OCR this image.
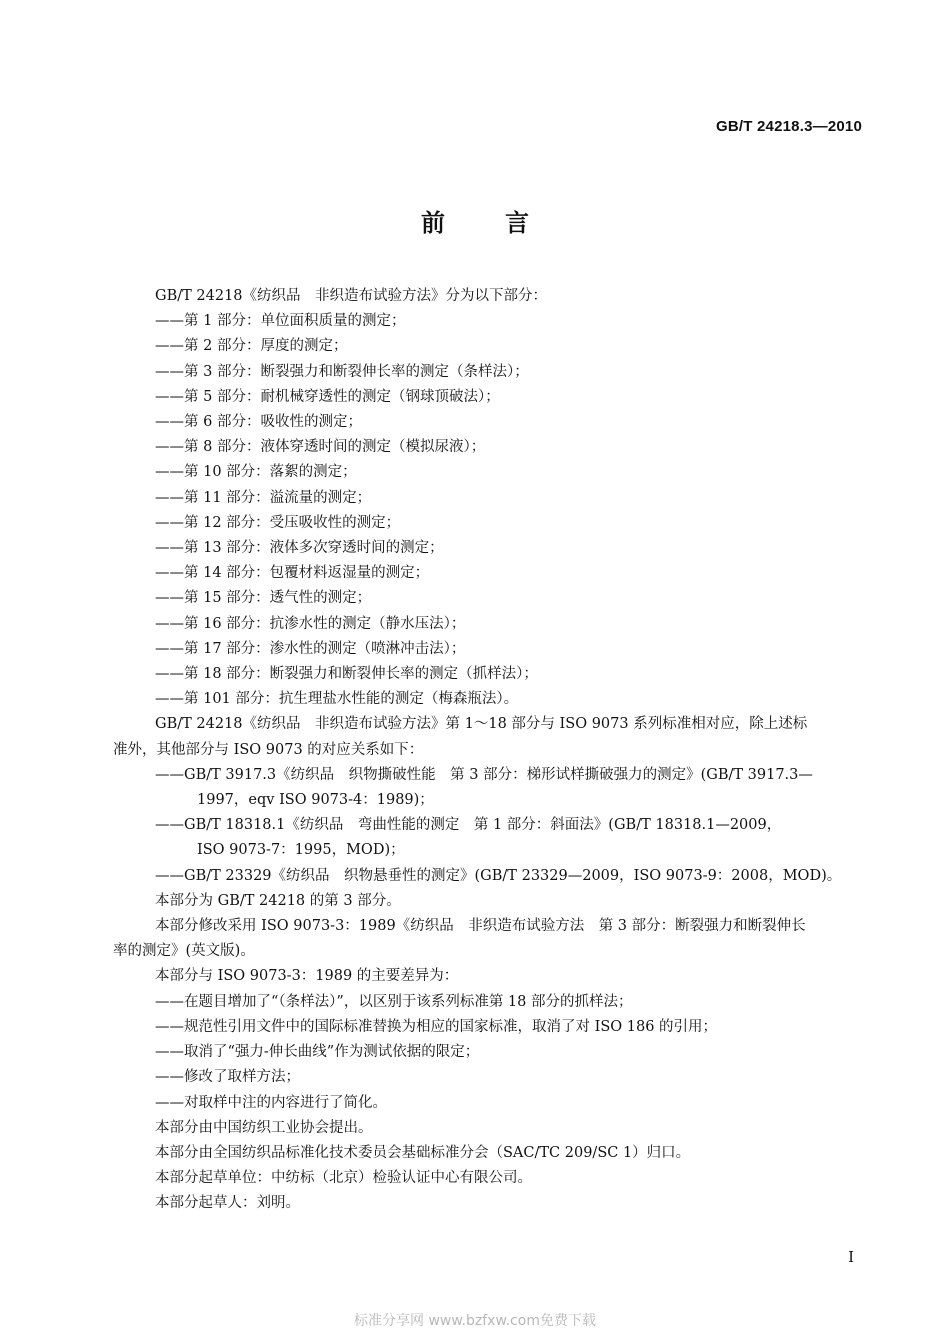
GB/T 24218.3—2010
前言
GB/T 24218《纺织品　非织造布试验方法》分为以下部分：
——第 1 部分：单位面积质量的测定；
——第 2 部分：厚度的测定；
——第 3 部分：断裂强力和断裂伸长率的测定（条样法）；
——第 5 部分：耐机械穿透性的测定（钢球顶破法）；
——第 6 部分：吸收性的测定；
——第 8 部分：液体穿透时间的测定（模拟尿液）；
——第 10 部分：落絮的测定；
——第 11 部分：溢流量的测定；
——第 12 部分：受压吸收性的测定；
——第 13 部分：液体多次穿透时间的测定；
——第 14 部分：包覆材料返湿量的测定；
——第 15 部分：透气性的测定；
——第 16 部分：抗渗水性的测定（静水压法）；
——第 17 部分：渗水性的测定（喷淋冲击法）；
——第 18 部分：断裂强力和断裂伸长率的测定（抓样法）；
——第 101 部分：抗生理盐水性能的测定（梅森瓶法）。
GB/T 24218《纺织品　非织造布试验方法》第 1～18 部分与 ISO 9073 系列标准相对应，除上述标
准外，其他部分与 ISO 9073 的对应关系如下：
——GB/T 3917.3《纺织品　织物撕破性能　第 3 部分：梯形试样撕破强力的测定》(GB/T 3917.3—
1997，eqv ISO 9073-4：1989)；
——GB/T 18318.1《纺织品　弯曲性能的测定　第 1 部分：斜面法》(GB/T 18318.1—2009，
ISO 9073-7：1995，MOD)；
——GB/T 23329《纺织品　织物悬垂性的测定》(GB/T 23329—2009，ISO 9073-9：2008，MOD)。
本部分为 GB/T 24218 的第 3 部分。
本部分修改采用 ISO 9073-3：1989《纺织品　非织造布试验方法　第 3 部分：断裂强力和断裂伸长
率的测定》(英文版)。
本部分与 ISO 9073-3：1989 的主要差异为：
——在题目增加了“（条样法）”，以区别于该系列标准第 18 部分的抓样法；
——规范性引用文件中的国际标准替换为相应的国家标准，取消了对 ISO 186 的引用；
——取消了“强力-伸长曲线”作为测试依据的限定；
——修改了取样方法；
——对取样中注的内容进行了简化。
本部分由中国纺织工业协会提出。
本部分由全国纺织品标准化技术委员会基础标准分会（SAC/TC 209/SC 1）归口。
本部分起草单位：中纺标（北京）检验认证中心有限公司。
本部分起草人：刘明。
I
标准分享网 www.bzfxw.com免费下载
